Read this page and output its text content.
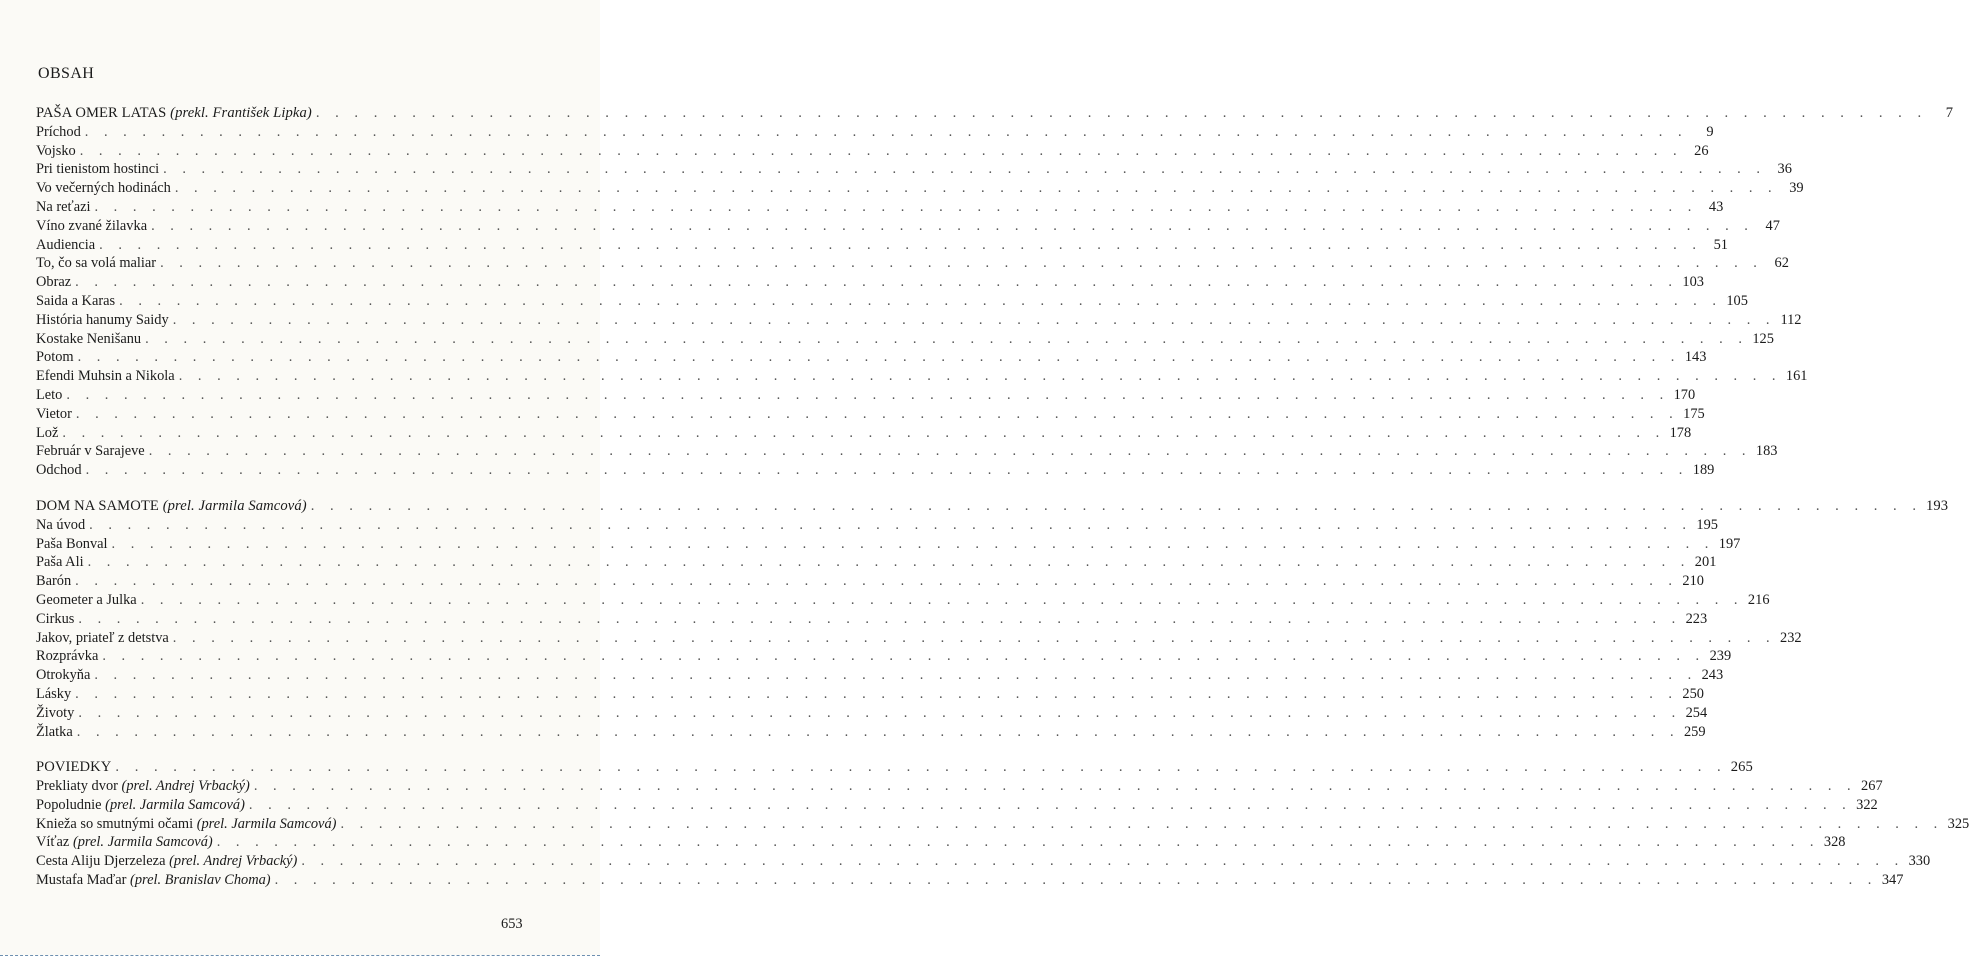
OBSAH
PAŠA OMER LATAS (prekl. František Lipka) . . . . . . . . . . . . . . . . . . . . . . . . . . . . . . . . . . . . . . . . . . . . . . . . . . . . . . . . . . . . . . . . . . . . . . . . . . . . . . . . . . . .	7
Príchod . . . . . . . . . . . . . . . . . . . . . . . . . . . . . . . . . . . . . . . . . . . . . . . . . . . . . . . . . . . . . . . . . . . . . . . . . . . . . . . . . . . .	9
Vojsko . . . . . . . . . . . . . . . . . . . . . . . . . . . . . . . . . . . . . . . . . . . . . . . . . . . . . . . . . . . . . . . . . . . . . . . . . . . . . . . . . . . . 26
Pri tienistom hostinci . . . . . . . . . . . . . . . . . . . . . . . . . . . . . . . . . . . . . . . . . . . . . . . . . . . . . . . . . . . . . . . . . . . . . . . . . . . . . . . . . . . . 36
Vo večerných hodinách . . . . . . . . . . . . . . . . . . . . . . . . . . . . . . . . . . . . . . . . . . . . . . . . . . . . . . . . . . . . . . . . . . . . . . . . . . . . . . . . . . . . 39
Na reťazi . . . . . . . . . . . . . . . . . . . . . . . . . . . . . . . . . . . . . . . . . . . . . . . . . . . . . . . . . . . . . . . . . . . . . . . . . . . . . . . . . . . . 43
Víno zvané žilavka . . . . . . . . . . . . . . . . . . . . . . . . . . . . . . . . . . . . . . . . . . . . . . . . . . . . . . . . . . . . . . . . . . . . . . . . . . . . . . . . . . . . 47
Audiencia . . . . . . . . . . . . . . . . . . . . . . . . . . . . . . . . . . . . . . . . . . . . . . . . . . . . . . . . . . . . . . . . . . . . . . . . . . . . . . . . . . . . 51
To, čo sa volá maliar . . . . . . . . . . . . . . . . . . . . . . . . . . . . . . . . . . . . . . . . . . . . . . . . . . . . . . . . . . . . . . . . . . . . . . . . . . . . . . . . . . . . 62
Obraz . . . . . . . . . . . . . . . . . . . . . . . . . . . . . . . . . . . . . . . . . . . . . . . . . . . . . . . . . . . . . . . . . . . . . . . . . . . . . . . . . . . . 103
Saida a Karas . . . . . . . . . . . . . . . . . . . . . . . . . . . . . . . . . . . . . . . . . . . . . . . . . . . . . . . . . . . . . . . . . . . . . . . . . . . . . . . . . . . . 105
História hanumy Saidy . . . . . . . . . . . . . . . . . . . . . . . . . . . . . . . . . . . . . . . . . . . . . . . . . . . . . . . . . . . . . . . . . . . . . . . . . . . . . . . . . . . . 112
Kostake Nenišanu . . . . . . . . . . . . . . . . . . . . . . . . . . . . . . . . . . . . . . . . . . . . . . . . . . . . . . . . . . . . . . . . . . . . . . . . . . . . . . . . . . . . 125
Potom . . . . . . . . . . . . . . . . . . . . . . . . . . . . . . . . . . . . . . . . . . . . . . . . . . . . . . . . . . . . . . . . . . . . . . . . . . . . . . . . . . . . 143
Efendi Muhsin a Nikola . . . . . . . . . . . . . . . . . . . . . . . . . . . . . . . . . . . . . . . . . . . . . . . . . . . . . . . . . . . . . . . . . . . . . . . . . . . . . . . . . . . . 161
Leto . . . . . . . . . . . . . . . . . . . . . . . . . . . . . . . . . . . . . . . . . . . . . . . . . . . . . . . . . . . . . . . . . . . . . . . . . . . . . . . . . . . . 170
Vietor . . . . . . . . . . . . . . . . . . . . . . . . . . . . . . . . . . . . . . . . . . . . . . . . . . . . . . . . . . . . . . . . . . . . . . . . . . . . . . . . . . . . 175
Lož . . . . . . . . . . . . . . . . . . . . . . . . . . . . . . . . . . . . . . . . . . . . . . . . . . . . . . . . . . . . . . . . . . . . . . . . . . . . . . . . . . . . 178
Február v Sarajeve . . . . . . . . . . . . . . . . . . . . . . . . . . . . . . . . . . . . . . . . . . . . . . . . . . . . . . . . . . . . . . . . . . . . . . . . . . . . . . . . . . . . 183
Odchod . . . . . . . . . . . . . . . . . . . . . . . . . . . . . . . . . . . . . . . . . . . . . . . . . . . . . . . . . . . . . . . . . . . . . . . . . . . . . . . . . . . . 189
DOM NA SAMOTE (prel. Jarmila Samcová) . . . . . . . . . . . . . . . . . . . . . . . . . . . . . . . . . . . . . . . . . . . . . . . . . . . . . . . . . . . . . . . . . . . . . . . . . . . . . . . . . . . . 193
Na úvod . . . . . . . . . . . . . . . . . . . . . . . . . . . . . . . . . . . . . . . . . . . . . . . . . . . . . . . . . . . . . . . . . . . . . . . . . . . . . . . . . . . . 195
Paša Bonval . . . . . . . . . . . . . . . . . . . . . . . . . . . . . . . . . . . . . . . . . . . . . . . . . . . . . . . . . . . . . . . . . . . . . . . . . . . . . . . . . . . . 197
Paša Ali . . . . . . . . . . . . . . . . . . . . . . . . . . . . . . . . . . . . . . . . . . . . . . . . . . . . . . . . . . . . . . . . . . . . . . . . . . . . . . . . . . . . 201
Barón . . . . . . . . . . . . . . . . . . . . . . . . . . . . . . . . . . . . . . . . . . . . . . . . . . . . . . . . . . . . . . . . . . . . . . . . . . . . . . . . . . . . 210
Geometer a Julka . . . . . . . . . . . . . . . . . . . . . . . . . . . . . . . . . . . . . . . . . . . . . . . . . . . . . . . . . . . . . . . . . . . . . . . . . . . . . . . . . . . . 216
Cirkus . . . . . . . . . . . . . . . . . . . . . . . . . . . . . . . . . . . . . . . . . . . . . . . . . . . . . . . . . . . . . . . . . . . . . . . . . . . . . . . . . . . . 223
Jakov, priateľ z detstva . . . . . . . . . . . . . . . . . . . . . . . . . . . . . . . . . . . . . . . . . . . . . . . . . . . . . . . . . . . . . . . . . . . . . . . . . . . . . . . . . . . . 232
Rozprávka . . . . . . . . . . . . . . . . . . . . . . . . . . . . . . . . . . . . . . . . . . . . . . . . . . . . . . . . . . . . . . . . . . . . . . . . . . . . . . . . . . . . 239
Otrokyňa . . . . . . . . . . . . . . . . . . . . . . . . . . . . . . . . . . . . . . . . . . . . . . . . . . . . . . . . . . . . . . . . . . . . . . . . . . . . . . . . . . . . 243
Lásky . . . . . . . . . . . . . . . . . . . . . . . . . . . . . . . . . . . . . . . . . . . . . . . . . . . . . . . . . . . . . . . . . . . . . . . . . . . . . . . . . . . . 250
Životy . . . . . . . . . . . . . . . . . . . . . . . . . . . . . . . . . . . . . . . . . . . . . . . . . . . . . . . . . . . . . . . . . . . . . . . . . . . . . . . . . . . . 254
Žlatka . . . . . . . . . . . . . . . . . . . . . . . . . . . . . . . . . . . . . . . . . . . . . . . . . . . . . . . . . . . . . . . . . . . . . . . . . . . . . . . . . . . . 259
POVIEDKY . . . . . . . . . . . . . . . . . . . . . . . . . . . . . . . . . . . . . . . . . . . . . . . . . . . . . . . . . . . . . . . . . . . . . . . . . . . . . . . . . . . . 265
Prekliaty dvor (prel. Andrej Vrbacký) . . . . . . . . . . . . . . . . . . . . . . . . . . . . . . . . . . . . . . . . . . . . . . . . . . . . . . . . . . . . . . . . . . . . . . . . . . . . . . . . . . . . 267
Popoludnie (prel. Jarmila Samcová) . . . . . . . . . . . . . . . . . . . . . . . . . . . . . . . . . . . . . . . . . . . . . . . . . . . . . . . . . . . . . . . . . . . . . . . . . . . . . . . . . . . . 322
Knieža so smutnými očami (prel. Jarmila Samcová) . . . . . . . . . . . . . . . . . . . . . . . . . . . . . . . . . . . . . . . . . . . . . . . . . . . . . . . . . . . . . . . . . . . . . . . . . . . . . . . . . . . . 325
Víťaz (prel. Jarmila Samcová) . . . . . . . . . . . . . . . . . . . . . . . . . . . . . . . . . . . . . . . . . . . . . . . . . . . . . . . . . . . . . . . . . . . . . . . . . . . . . . . . . . . . 328
Cesta Aliju Djerzeleza (prel. Andrej Vrbacký) . . . . . . . . . . . . . . . . . . . . . . . . . . . . . . . . . . . . . . . . . . . . . . . . . . . . . . . . . . . . . . . . . . . . . . . . . . . . . . . . . . . . 330
Mustafa Maďar (prel. Branislav Choma) . . . . . . . . . . . . . . . . . . . . . . . . . . . . . . . . . . . . . . . . . . . . . . . . . . . . . . . . . . . . . . . . . . . . . . . . . . . . . . . . . . . . 347
653
